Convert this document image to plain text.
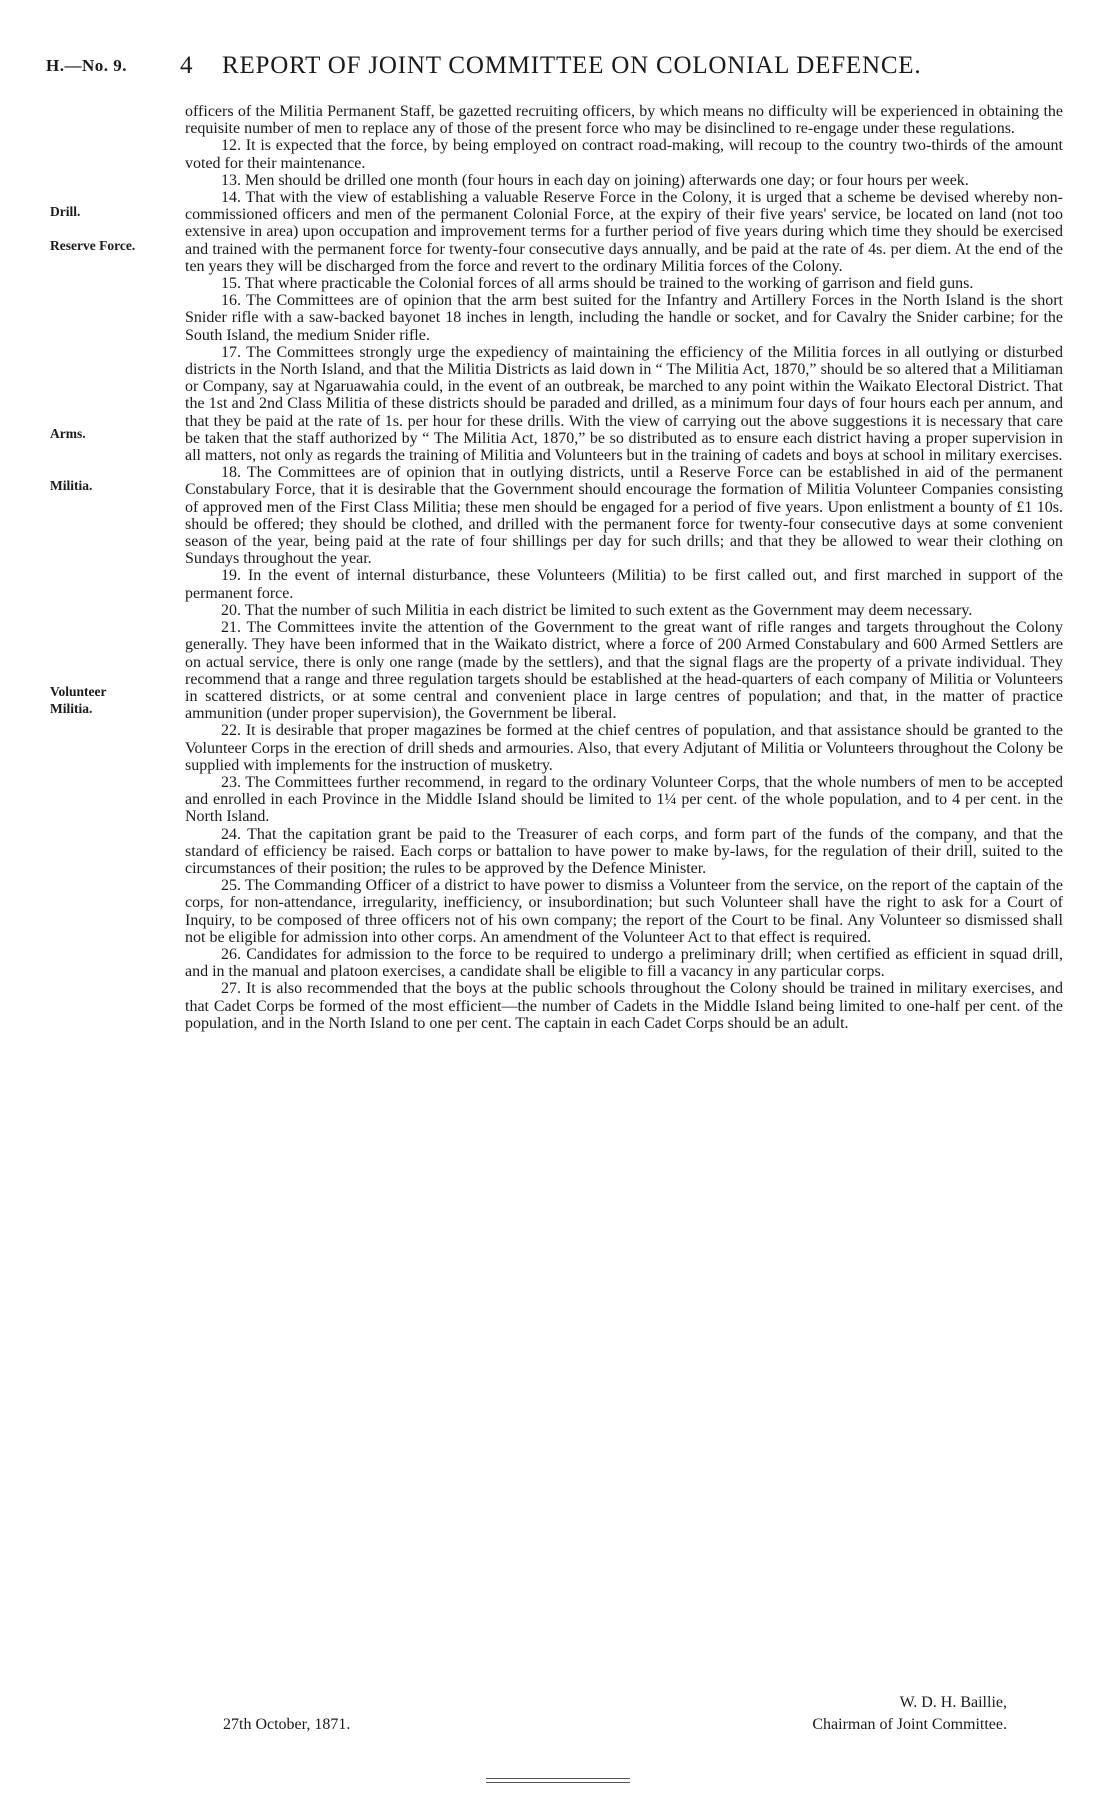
H.—No. 9. 4 REPORT OF JOINT COMMITTEE ON COLONIAL DEFENCE.
Drill.
Reserve Force.
Arms.
Militia.
Volunteer
Militia.

officers of the Militia Permanent Staff, be gazetted recruiting officers, by which means no difficulty will be experienced in obtaining the requisite number of men to replace any of those of the present force who may be disinclined to re-engage under these regulations.

12. It is expected that the force, by being employed on contract road-making, will recoup to the country two-thirds of the amount voted for their maintenance.

13. Men should be drilled one month (four hours in each day on joining) afterwards one day; or four hours per week.

14. That with the view of establishing a valuable Reserve Force in the Colony, it is urged that a scheme be devised whereby non-commissioned officers and men of the permanent Colonial Force, at the expiry of their five years' service, be located on land (not too extensive in area) upon occupation and improvement terms for a further period of five years during which time they should be exercised and trained with the permanent force for twenty-four consecutive days annually, and be paid at the rate of 4s. per diem. At the end of the ten years they will be discharged from the force and revert to the ordinary Militia forces of the Colony.

15. That where practicable the Colonial forces of all arms should be trained to the working of garrison and field guns.

16. The Committees are of opinion that the arm best suited for the Infantry and Artillery Forces in the North Island is the short Snider rifle with a saw-backed bayonet 18 inches in length, including the handle or socket, and for Cavalry the Snider carbine; for the South Island, the medium Snider rifle.

17. The Committees strongly urge the expediency of maintaining the efficiency of the Militia forces in all outlying or disturbed districts in the North Island, and that the Militia Districts as laid down in “ The Militia Act, 1870,” should be so altered that a Militiaman or Company, say at Ngaruawahia could, in the event of an outbreak, be marched to any point within the Waikato Electoral District. That the 1st and 2nd Class Militia of these districts should be paraded and drilled, as a minimum four days of four hours each per annum, and that they be paid at the rate of 1s. per hour for these drills. With the view of carrying out the above suggestions it is necessary that care be taken that the staff authorized by “ The Militia Act, 1870,” be so distributed as to ensure each district having a proper supervision in all matters, not only as regards the training of Militia and Volunteers but in the training of cadets and boys at school in military exercises.

18. The Committees are of opinion that in outlying districts, until a Reserve Force can be established in aid of the permanent Constabulary Force, that it is desirable that the Government should encourage the formation of Militia Volunteer Companies consisting of approved men of the First Class Militia; these men should be engaged for a period of five years. Upon enlistment a bounty of £1 10s. should be offered; they should be clothed, and drilled with the permanent force for twenty-four consecutive days at some convenient season of the year, being paid at the rate of four shillings per day for such drills; and that they be allowed to wear their clothing on Sundays throughout the year.

19. In the event of internal disturbance, these Volunteers (Militia) to be first called out, and first marched in support of the permanent force.

20. That the number of such Militia in each district be limited to such extent as the Government may deem necessary.

21. The Committees invite the attention of the Government to the great want of rifle ranges and targets throughout the Colony generally. They have been informed that in the Waikato district, where a force of 200 Armed Constabulary and 600 Armed Settlers are on actual service, there is only one range (made by the settlers), and that the signal flags are the property of a private individual. They recommend that a range and three regulation targets should be established at the head-quarters of each company of Militia or Volunteers in scattered districts, or at some central and convenient place in large centres of population; and that, in the matter of practice ammunition (under proper supervision), the Government be liberal.

22. It is desirable that proper magazines be formed at the chief centres of population, and that assistance should be granted to the Volunteer Corps in the erection of drill sheds and armouries. Also, that every Adjutant of Militia or Volunteers throughout the Colony be supplied with implements for the instruction of musketry.

23. The Committees further recommend, in regard to the ordinary Volunteer Corps, that the whole numbers of men to be accepted and enrolled in each Province in the Middle Island should be limited to 1¼ per cent. of the whole population, and to 4 per cent. in the North Island.

24. That the capitation grant be paid to the Treasurer of each corps, and form part of the funds of the company, and that the standard of efficiency be raised. Each corps or battalion to have power to make by-laws, for the regulation of their drill, suited to the circumstances of their position; the rules to be approved by the Defence Minister.

25. The Commanding Officer of a district to have power to dismiss a Volunteer from the service, on the report of the captain of the corps, for non-attendance, irregularity, inefficiency, or insubordination; but such Volunteer shall have the right to ask for a Court of Inquiry, to be composed of three officers not of his own company; the report of the Court to be final. Any Volunteer so dismissed shall not be eligible for admission into other corps. An amendment of the Volunteer Act to that effect is required.

26. Candidates for admission to the force to be required to undergo a preliminary drill; when certified as efficient in squad drill, and in the manual and platoon exercises, a candidate shall be eligible to fill a vacancy in any particular corps.

27. It is also recommended that the boys at the public schools throughout the Colony should be trained in military exercises, and that Cadet Corps be formed of the most efficient—the number of Cadets in the Middle Island being limited to one-half per cent. of the population, and in the North Island to one per cent. The captain in each Cadet Corps should be an adult.

W. D. H. Baillie,
Chairman of Joint Committee.
27th October, 1871.
